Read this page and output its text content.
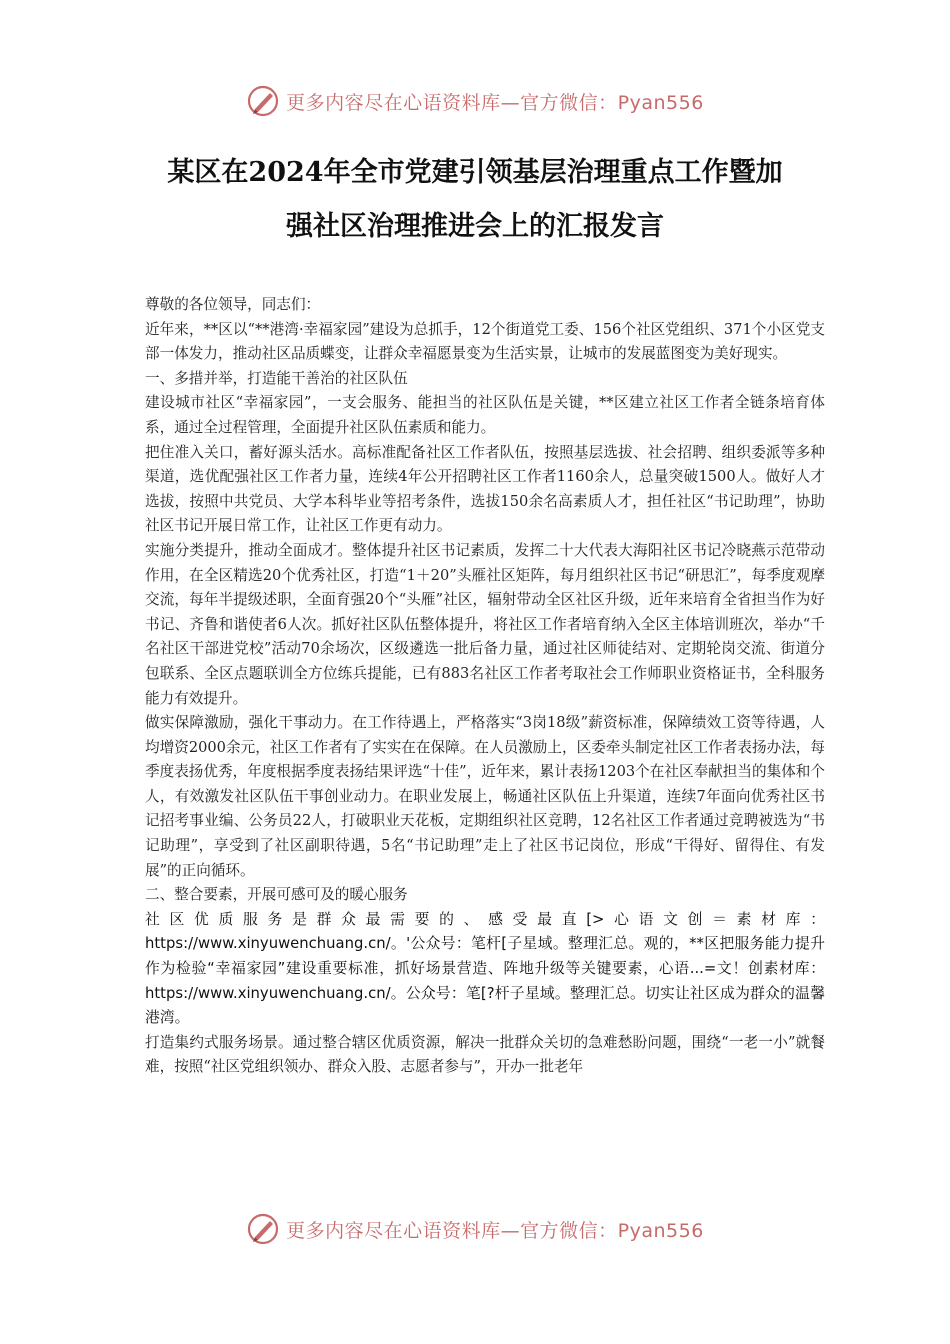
更多内容尽在心语资料库—官方微信：Pyan556
某区在2024年全市党建引领基层治理重点工作暨加
强社区治理推进会上的汇报发言

尊敬的各位领导，同志们：

近年来，**区以“**港湾·幸福家园”建设为总抓手，12个街道党工委、156个社区党组织、371个小区党支部一体发力，推动社区品质蝶变，让群众幸福愿景变为生活实景，让城市的发展蓝图变为美好现实。

一、多措并举，打造能干善治的社区队伍

建设城市社区“幸福家园”，一支会服务、能担当的社区队伍是关键，**区建立社区工作者全链条培育体系，通过全过程管理，全面提升社区队伍素质和能力。

把住准入关口，蓄好源头活水。高标准配备社区工作者队伍，按照基层选拔、社会招聘、组织委派等多种渠道，选优配强社区工作者力量，连续4年公开招聘社区工作者1160余人，总量突破1500人。做好人才选拔，按照中共党员、大学本科毕业等招考条件，选拔150余名高素质人才，担任社区“书记助理”，协助社区书记开展日常工作，让社区工作更有动力。

实施分类提升，推动全面成才。整体提升社区书记素质，发挥二十大代表大海阳社区书记冷晓燕示范带动作用，在全区精选20个优秀社区，打造“1＋20”头雁社区矩阵，每月组织社区书记“研思汇”，每季度观摩交流，每年半提级述职，全面育强20个“头雁”社区，辐射带动全区社区升级，近年来培育全省担当作为好书记、齐鲁和谐使者6人次。抓好社区队伍整体提升，将社区工作者培育纳入全区主体培训班次，举办“千名社区干部进党校”活动70余场次，区级遴选一批后备力量，通过社区师徒结对、定期轮岗交流、街道分包联系、全区点题联训全方位练兵提能，已有883名社区工作者考取社会工作师职业资格证书，全科服务能力有效提升。

做实保障激励，强化干事动力。在工作待遇上，严格落实“3岗18级”薪资标准，保障绩效工资等待遇，人均增资2000余元，社区工作者有了实实在在保障。在人员激励上，区委牵头制定社区工作者表扬办法，每季度表扬优秀，年度根据季度表扬结果评选“十佳”，近年来，累计表扬1203个在社区奉献担当的集体和个人，有效激发社区队伍干事创业动力。在职业发展上，畅通社区队伍上升渠道，连续7年面向优秀社区书记招考事业编、公务员22人，打破职业天花板，定期组织社区竞聘，12名社区工作者通过竞聘被选为“书记助理”，享受到了社区副职待遇，5名“书记助理”走上了社区书记岗位，形成“干得好、留得住、有发展”的正向循环。

二、整合要素，开展可感可及的暖心服务

社区优质服务是群众最需要的、感受最直[>心语文创＝素材库：https://www.xinyuwenchuang.cn/。'公众号：笔杆[子星域。整理汇总。观的，**区把服务能力提升作为检验“幸福家园”建设重要标准，抓好场景营造、阵地升级等关键要素，心语...=文！创素材库：https://www.xinyuwenchuang.cn/。公众号：笔[?杆子星域。整理汇总。切实让社区成为群众的温馨港湾。

打造集约式服务场景。通过整合辖区优质资源，解决一批群众关切的急难愁盼问题，围绕“一老一小”就餐难，按照“社区党组织领办、群众入股、志愿者参与”，开办一批老年

更多内容尽在心语资料库—官方微信：Pyan556
